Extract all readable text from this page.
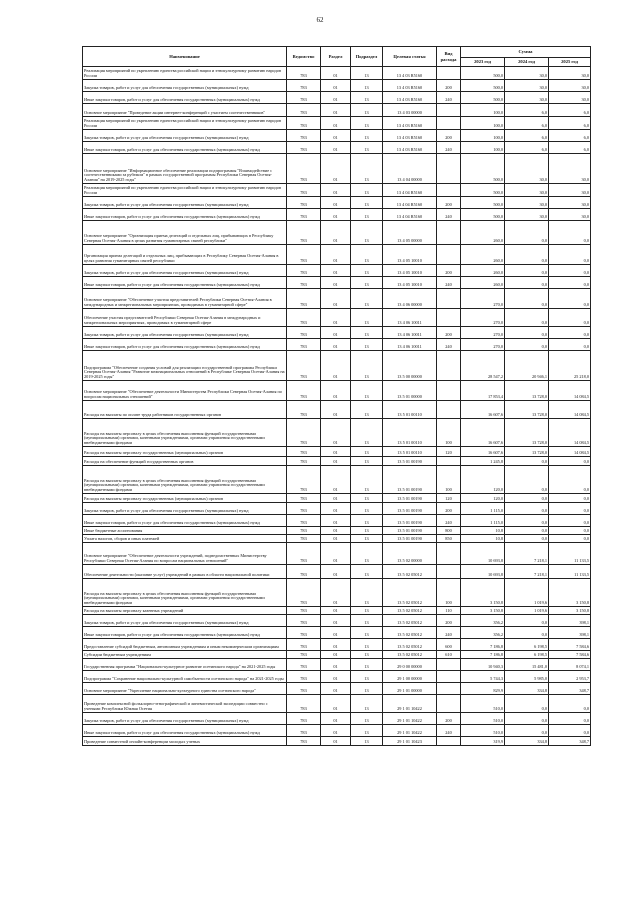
62
Наименование	Ведомство	Раздел	Подраздел	Целевая статья	Вид расхода	Сумма		
						2023 год	2024 год	2025 год
Реализация мероприятий по укреплению единства российской нации и этнокультурному развитию народов России	783	01	13	13 4 03 R5160		500,0	30,0	30,0
Закупка товаров, работ и услуг для обеспечения государственных (муниципальных) нужд	783	01	13	13 4 03 R5160	200	500,0	30,0	30,0
Иные закупки товаров, работ и услуг для обеспечения государственных (муниципальных) нужд	783	01	13	13 4 03 R5160	240	500,0	30,0	30,0
Основное мероприятие "Проведение акции интернет-конференций с участием соотечественников"	783	01	13	13 4 03 00000		100,0	6,0	6,0
Реализация мероприятий по укреплению единства российской нации и этнокультурному развитию народов России	783	01	13	13 4 03 R5160		100,0	6,0	6,0
Закупка товаров, работ и услуг для обеспечения государственных (муниципальных) нужд	783	01	13	13 4 03 R5160	200	100,0	6,0	6,0
Иные закупки товаров, работ и услуг для обеспечения государственных (муниципальных) нужд	783	01	13	13 4 03 R5160	240	100,0	6,0	6,0
Основное мероприятие "Информационное обеспечение реализации подпрограммы "Взаимодействие с соотечественниками за рубежом" в рамках государственной программы Республики Северная Осетия-Алания" на 2019-2025 годы"	783	01	13	13 4 04 00000		500,0	30,0	30,0
Реализация мероприятий по укреплению единства российской нации и этнокультурному развитию народов России	783	01	13	13 4 04 R5160		500,0	30,0	30,0
Закупка товаров, работ и услуг для обеспечения государственных (муниципальных) нужд	783	01	13	13 4 04 R5160	200	500,0	30,0	30,0
Иные закупки товаров, работ и услуг для обеспечения государственных (муниципальных) нужд	783	01	13	13 4 04 R5160	240	500,0	30,0	30,0
Основное мероприятие "Организация приема делегаций и отдельных лиц, прибывающих в Республику Северная Осетия-Алания в целях развития гуманитарных связей республики"	783	01	13	13 4 05 00000		260,0	0,0	0,0
Организация приема делегаций и отдельных лиц, прибывающих в Республику Северная Осетия-Алания в целях развития гуманитарных связей республики	783	01	13	13 4 05 10010		260,0	0,0	0,0
Закупка товаров, работ и услуг для обеспечения государственных (муниципальных) нужд	783	01	13	13 4 05 10010	200	260,0	0,0	0,0
Иные закупки товаров, работ и услуг для обеспечения государственных (муниципальных) нужд	783	01	13	13 4 05 10010	240	260,0	0,0	0,0
Основное мероприятие "Обеспечение участия представителей Республики Северная Осетия-Алания в международных и межрегиональных мероприятиях, проводимых в гуманитарной сфере"	783	01	13	13 4 06 00000		270,0	0,0	0,0
Обеспечение участия представителей Республики Северная Осетия-Алания в международных и межрегиональных мероприятиях, проводимых в гуманитарной сфере	783	01	13	13 4 06 10011		270,0	0,0	0,0
Закупка товаров, работ и услуг для обеспечения государственных (муниципальных) нужд	783	01	13	13 4 06 10011	200	270,0	0,0	0,0
Иные закупки товаров, работ и услуг для обеспечения государственных (муниципальных) нужд	783	01	13	13 4 06 10011	240	270,0	0,0	0,0
Подпрограмма "Обеспечение создания условий для реализации государственной программы Республики Северная Осетия-Алания "Развитие межнациональных отношений в Республике Северная Осетия-Алания на 2019-2025 годы"	783	01	13	13 5 00 00000		28 547,2	20 946,1	25 218,0
Основное мероприятие "Обеспечение деятельности Министерства Республики Северная Осетия-Алания по вопросам национальных отношений"	783	01	13	13 5 01 00000		17 853,4	13 728,0	14 084,5
Расходы на выплаты по оплате труда работников государственных органов	783	01	13	13 5 01 00110		16 607,6	13 728,0	14 084,5
Расходы на выплаты персоналу в целях обеспечения выполнения функций государственными (муниципальными) органами, казенными учреждениями, органами управления государственными внебюджетными фондами	783	01	13	13 5 01 00110	100	16 607,6	13 728,0	14 084,5
Расходы на выплаты персоналу государственных (муниципальных) органов	783	01	13	13 5 01 00110	120	16 607,6	13 728,0	14 084,5
Расходы на обеспечение функций государственных органов	783	01	13	13 5 01 00190		1 245,8	0,0	0,0
Расходы на выплаты персоналу в целях обеспечения выполнения функций государственными (муниципальными) органами, казенными учреждениями, органами управления государственными внебюджетными фондами	783	01	13	13 5 01 00190	100	120,0	0,0	0,0
Расходы на выплаты персоналу государственных (муниципальных) органов	783	01	13	13 5 01 00190	120	120,0	0,0	0,0
Закупка товаров, работ и услуг для обеспечения государственных (муниципальных) нужд	783	01	13	13 5 01 00190	200	1 115,0	0,0	0,0
Иные закупки товаров, работ и услуг для обеспечения государственных (муниципальных) нужд	783	01	13	13 5 01 00190	240	1 115,0	0,0	0,0
Иные бюджетные ассигнования	783	01	13	13 5 01 00190	800	10,8	0,0	0,0
Уплата налогов, сборов и иных платежей	783	01	13	13 5 01 00190	850	10,8	0,0	0,0
Основное мероприятие "Обеспечение деятельности учреждений, подведомственных Министерству Республики Северная Осетия-Алания по вопросам национальных отношений"	783	01	13	13 5 02 00000		10 693,8	7 218,1	11 133,5
Обеспечение деятельности (оказание услуг) учреждений в рамках в области национальной политики	783	01	13	13 5 02 05012		10 693,8	7 218,1	11 133,5
Расходы на выплаты персоналу в целях обеспечения выполнения функций государственными (муниципальными) органами, казенными учреждениями, органами управления государственными внебюджетными фондами	783	01	13	13 5 02 05012	100	3 150,8	1 019,6	3 150,8
Расходы на выплаты персоналу казенных учреждений	783	01	13	13 5 02 05012	110	3 150,8	1 019,6	3 150,8
Закупка товаров, работ и услуг для обеспечения государственных (муниципальных) нужд	783	01	13	13 5 02 05012	200	356,2	0,0	398,1
Иные закупки товаров, работ и услуг для обеспечения государственных (муниципальных) нужд	783	01	13	13 5 02 05012	240	356,2	0,0	398,1
Предоставление субсидий бюджетным, автономным учреждениям и иным некоммерческим организациям	783	01	13	13 5 02 05012	600	7 186,8	6 198,5	7 584,6
Субсидии бюджетным учреждениям	783	01	13	13 5 02 05012	610	7 186,8	6 198,5	7 584,6
Государственная программа "Национально-культурное развитие осетинского народа" на 2021-2025 годы	783	01	13	29 0 00 00000		10 940,3	15 481,0	8 074,1
Подпрограмма "Сохранение национально-культурной самобытности осетинского народа" на 2021-2025 годы	783	01	13	29 1 00 00000		5 744,3	5 985,0	2 953,7
Основное мероприятие "Укрепление национально-культурного единства осетинского народа"	783	01	13	29 1 01 00000		829,9	334,8	348,7
Проведение комплексной фольклорно-этнографической и лингвистической экспедиции совместно с учеными Республики Южная Осетия	783	01	13	29 1 01 10422		510,0	0,0	0,0
Закупка товаров, работ и услуг для обеспечения государственных (муниципальных) нужд	783	01	13	29 1 01 10422	200	510,0	0,0	0,0
Иные закупки товаров, работ и услуг для обеспечения государственных (муниципальных) нужд	783	01	13	29 1 01 10422	240	510,0	0,0	0,0
Проведение совместной онлайн-конференции молодых ученых	783	01	13	29 1 01 10423		319,9	334,8	348,7
